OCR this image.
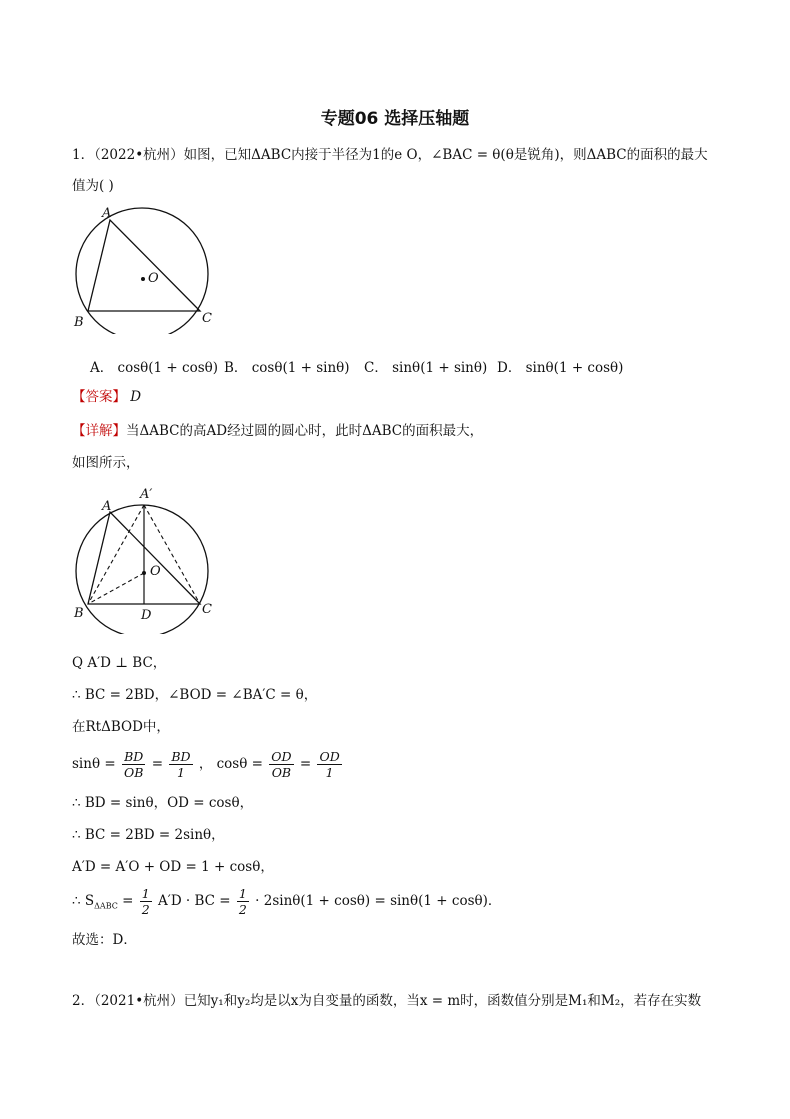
专题06 选择压轴题
1．（2022•杭州）如图，已知ΔABC内接于半径为1的e O，∠BAC = θ(θ是锐角)，则ΔABC的面积的最大
值为( )
A
B	C
O
A． cosθ(1 + cosθ) B． cosθ(1 + sinθ) C． sinθ(1 + sinθ) D． sinθ(1 + cosθ)
【答案】 D
【详解】当ΔABC的高AD经过圆的圆心时，此时ΔABC的面积最大，
如图所示，
A
A′
B	C
D
O
Q A′D ⊥ BC，
∴ BC = 2BD，∠BOD = ∠BA′C = θ，
在RtΔBOD中，
$\sin\theta = \frac{BD}{OB} = \frac{BD}{1}$ ， $\cos\theta = \frac{OD}{OB} = \frac{OD}{1}$
∴ BD = sinθ，OD = cosθ，
∴ BC = 2BD = 2sinθ，
A′D = A′O + OD = 1 + cosθ，
∴ $S_{\Delta ABC} = \frac{1}{2} A'D$ · BC = $\frac{1}{2} \cdot 2\sin\theta(1 + \cos\theta) = \sin\theta(1 + \cos\theta)$．
故选：D．
2．（2021•杭州）已知y₁和y₂均是以x为自变量的函数，当x = m时，函数值分别是M₁和M₂，若存在实数
